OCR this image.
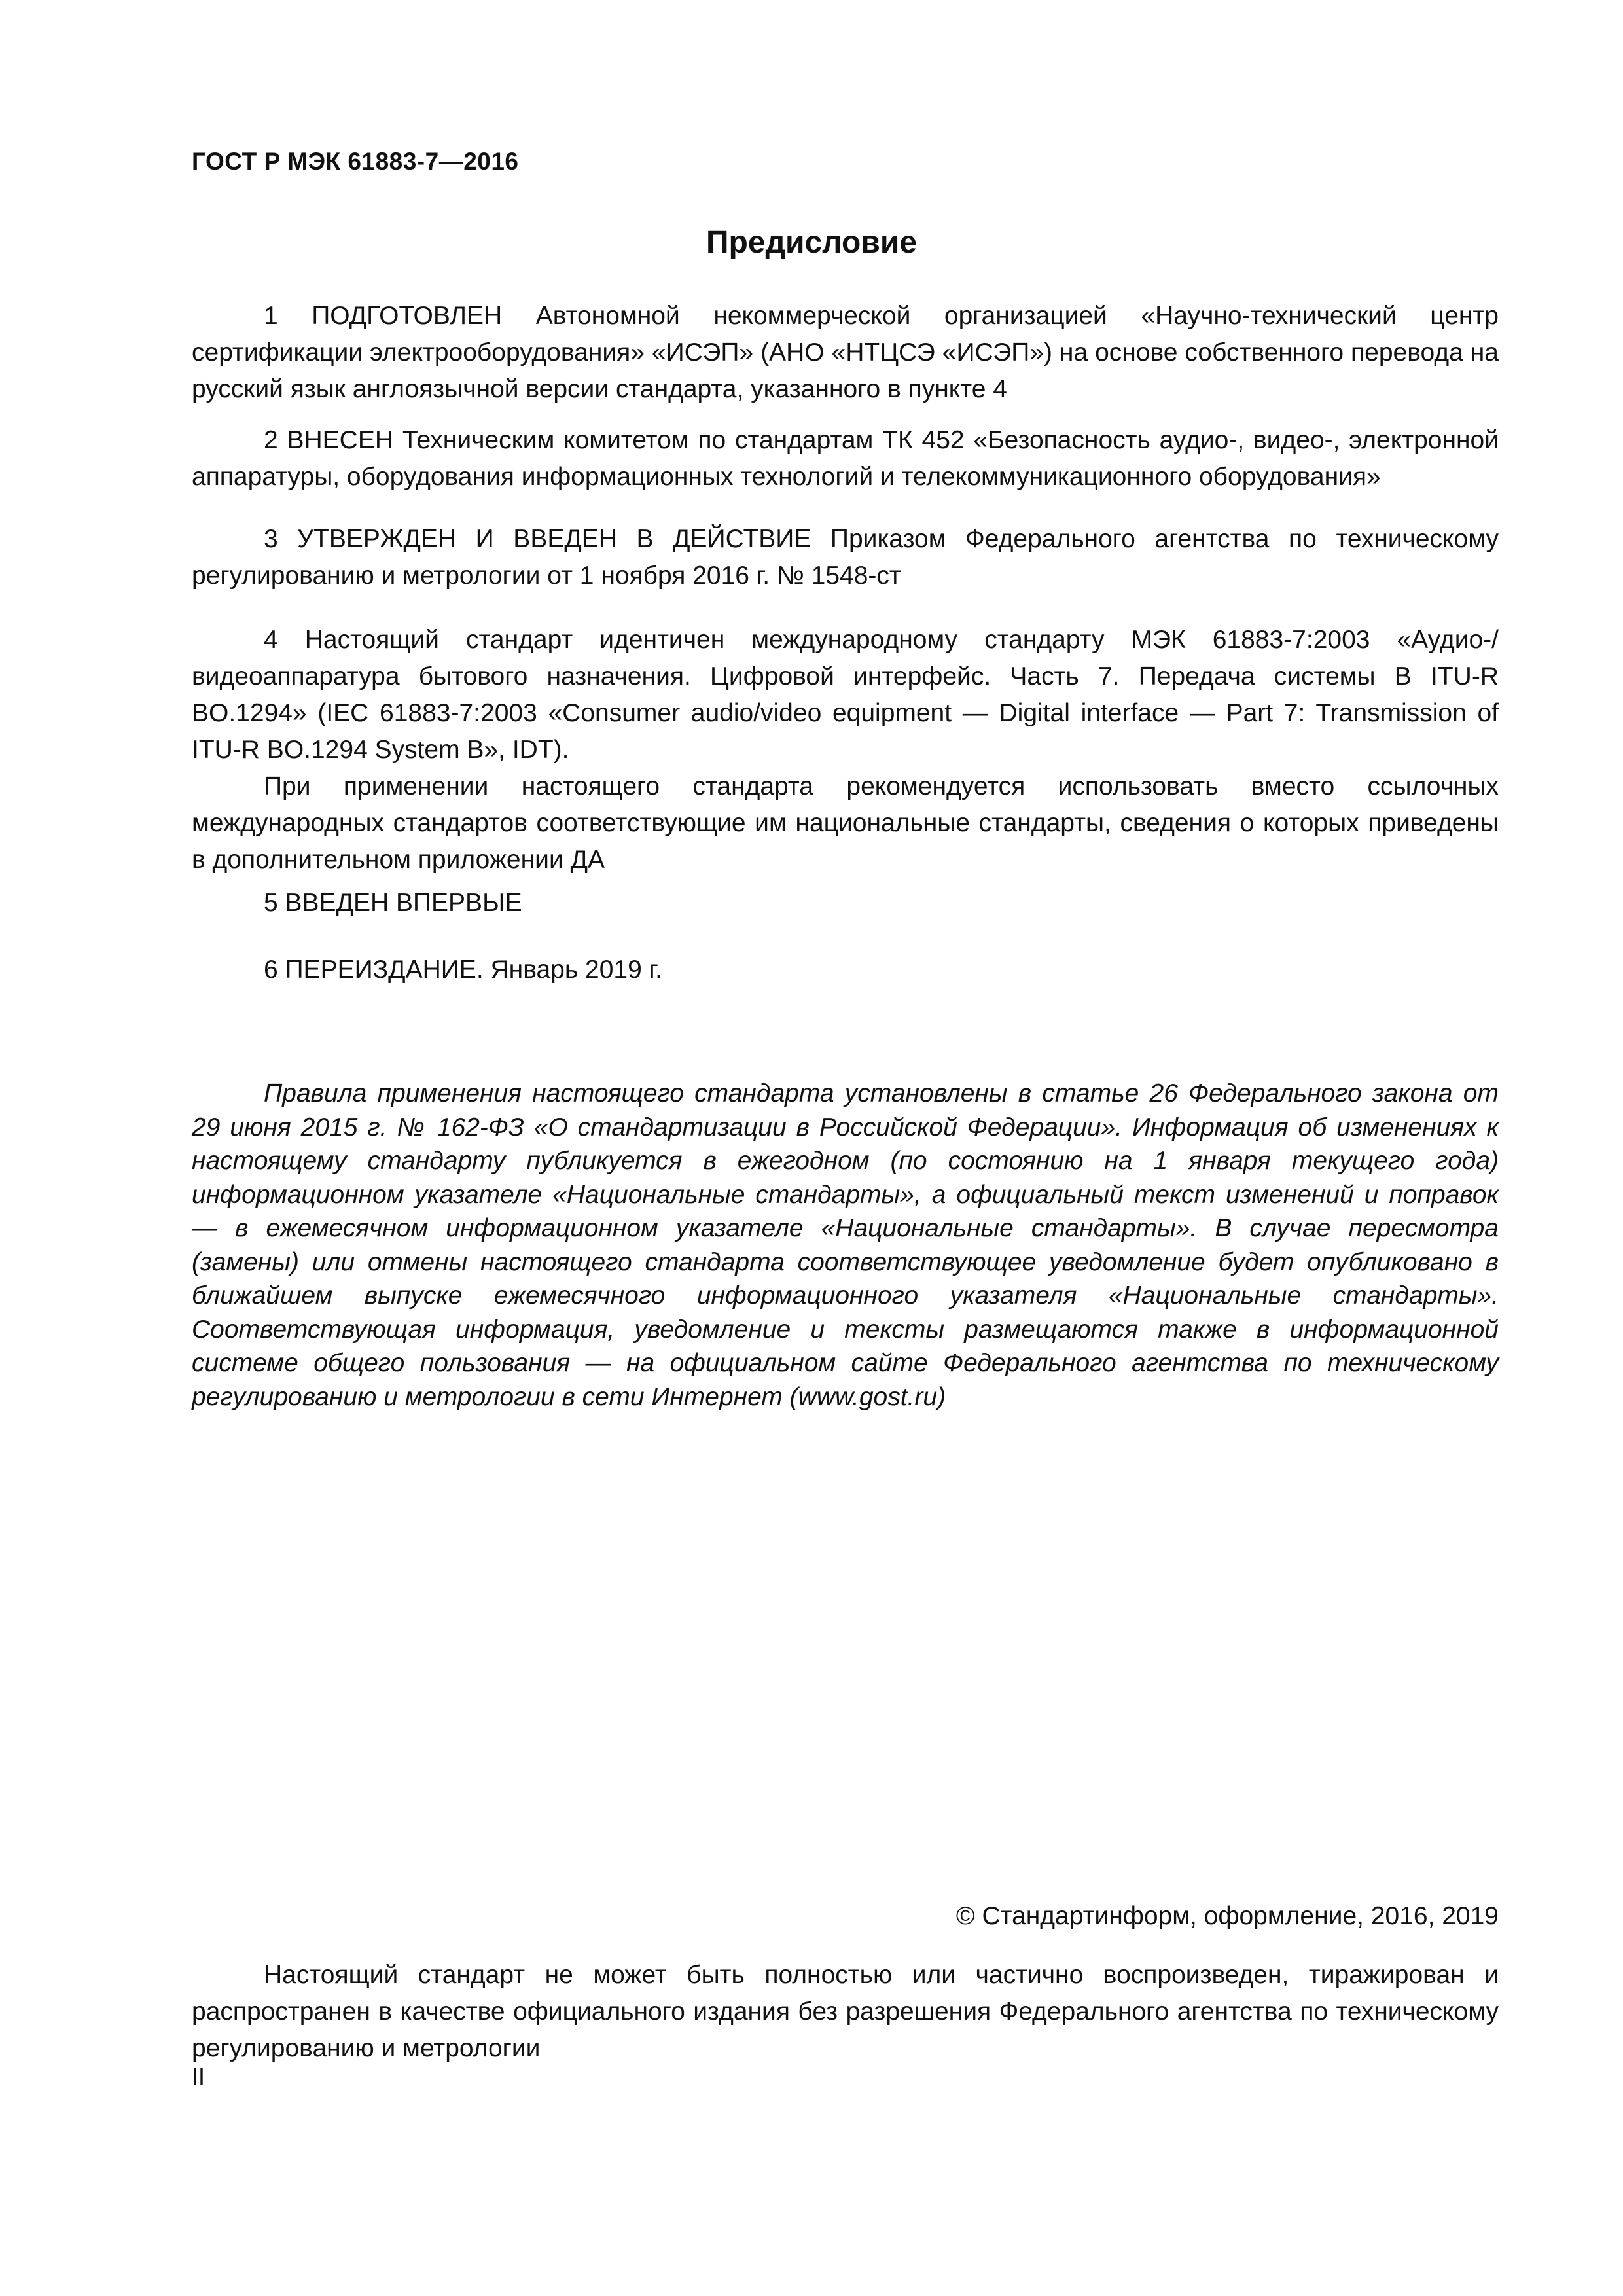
ГОСТ Р МЭК 61883-7—2016
Предисловие

1 ПОДГОТОВЛЕН Автономной некоммерческой организацией «Научно-технический центр сертификации электрооборудования» «ИСЭП» (АНО «НТЦСЭ «ИСЭП») на основе собственного перевода на русский язык англоязычной версии стандарта, указанного в пункте 4

2 ВНЕСЕН Техническим комитетом по стандартам ТК 452 «Безопасность аудио-, видео-, электронной аппаратуры, оборудования информационных технологий и телекоммуникационного оборудования»

3 УТВЕРЖДЕН И ВВЕДЕН В ДЕЙСТВИЕ Приказом Федерального агентства по техническому регулированию и метрологии от 1 ноября 2016 г. № 1548-ст

4 Настоящий стандарт идентичен международному стандарту МЭК 61883-7:2003 «Аудио-/видеоаппаратура бытового назначения. Цифровой интерфейс. Часть 7. Передача системы B ITU-R BO.1294» (IEC 61883-7:2003 «Consumer audio/video equipment — Digital interface — Part 7: Transmission of ITU-R BO.1294 System B», IDT).

При применении настоящего стандарта рекомендуется использовать вместо ссылочных международных стандартов соответствующие им национальные стандарты, сведения о которых приведены в дополнительном приложении ДА

5 ВВЕДЕН ВПЕРВЫЕ

6 ПЕРЕИЗДАНИЕ. Январь 2019 г.

Правила применения настоящего стандарта установлены в статье 26 Федерального закона от 29 июня 2015 г. № 162-ФЗ «О стандартизации в Российской Федерации». Информация об изменениях к настоящему стандарту публикуется в ежегодном (по состоянию на 1 января текущего года) информационном указателе «Национальные стандарты», а официальный текст изменений и поправок — в ежемесячном информационном указателе «Национальные стандарты». В случае пересмотра (замены) или отмены настоящего стандарта соответствующее уведомление будет опубликовано в ближайшем выпуске ежемесячного информационного указателя «Национальные стандарты». Соответствующая информация, уведомление и тексты размещаются также в информационной системе общего пользования — на официальном сайте Федерального агентства по техническому регулированию и метрологии в сети Интернет (www.gost.ru)

© Стандартинформ, оформление, 2016, 2019

Настоящий стандарт не может быть полностью или частично воспроизведен, тиражирован и распространен в качестве официального издания без разрешения Федерального агентства по техническому регулированию и метрологии

II
